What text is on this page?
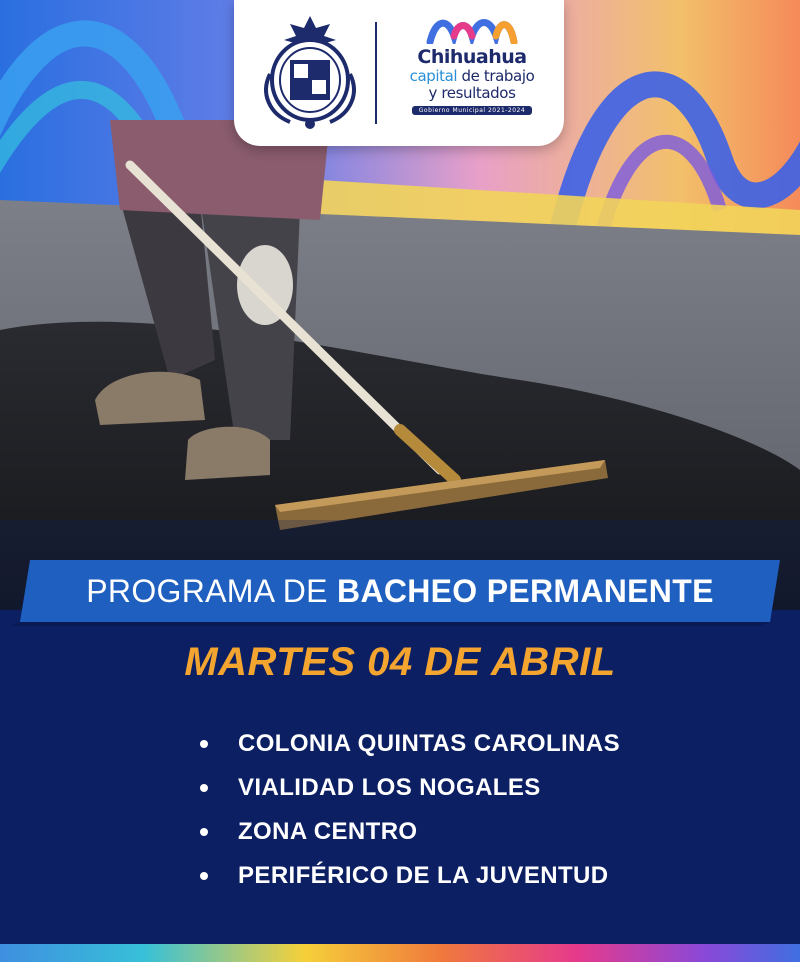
Chihuahua
capital de trabajo
y resultados
Gobierno Municipal 2021-2024
PROGRAMA DE BACHEO PERMANENTE
MARTES 04 DE ABRIL
COLONIA QUINTAS CAROLINAS
VIALIDAD LOS NOGALES
ZONA CENTRO
PERIFÉRICO DE LA JUVENTUD
